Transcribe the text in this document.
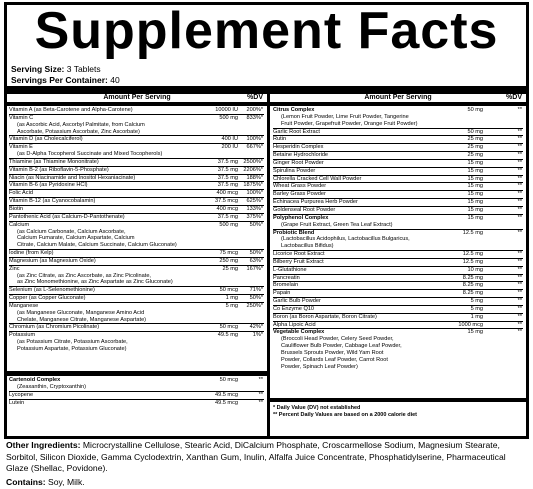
Supplement Facts
Serving Size: 3 Tablets
Servings Per Container: 40
Amount Per Serving	%DV	Amount Per Serving	%DV
Vitamin A (as Beta-Carotene and Alpha-Carotene)	10000 IU 200%*
Vitamin C	500 mg 833%*
(as Ascorbic Acid, Ascorbyl Palmitate, from Calcium
Ascorbate, Potassium Ascorbate, Zinc Ascorbate)
Vitamin D (as Cholecalciferol)	400 IU 100%*
Vitamin E	200 IU 667%*
(as D-Alpha Tocopherol Succinate and Mixed Tocopherols)
Thiamine (as Thiamine Mononitrate)	37.5 mg 2500%*
Vitamin B-2 (as Riboflavin-5-Phosphate)	37.5 mg 2206%*
Niacin (as Niacinamide and Inositol Hexaniacinate)	37.5 mg 188%*
Vitamin B-6 (as Pyridoxine HCl)	37.5 mg 1875%*
Folic Acid	400 mcg 100%*
Vitamin B-12 (as Cyanocobalamin)	37.5 mcg 625%*
Biotin	400 mcg 133%*
Pantothenic Acid (as Calcium-D-Pantothenate)	37.5 mg 375%*
Calcium	500 mg 50%*
(as Calcium Carbonate, Calcium Ascorbate,
Calcium Fumarate, Calcium Aspartate, Calcium
Citrate, Calcium Malate, Calcium Succinate, Calcium Gluconate)
Iodine (from Kelp)	75 mcg 50%*
Magnesium (as Magnesium Oxide)	250 mg 63%*
Zinc	25 mg 167%*
(as Zinc Citrate, as Zinc Ascorbate, as Zinc Picolinate,
as Zinc Monomethionine, as Zinc Aspartate as Zinc Gluconate)
Selenium (as L-Selenomethionine)	50 mcg 71%*
Copper (as Copper Gluconate)	1 mg 50%*
Manganese	5 mg 250%*
(as Manganese Gluconate, Manganese Amino Acid
Chelate, Manganese Citrate, Manganese Aspartate)
Chromium (as Chromium Picolinate)	50 mcg 42%*
Potassium	49.5 mg	1%*
(as Potassium Citrate, Potassium Ascorbate,
Potassium Aspartate, Potassium Gluconate)
Cartenoid Complex	50 mcg	**
(Zeaxanthin, Cryptoxanthin)
Lycopene	49.5 mcg	**
Lutein	49.5 mcg	**
Citrus Complex	50 mg	**
(Lemon Fruit Powder, Lime Fruit Powder, Tangerine
Fruit Powder, Grapefruit Powder, Orange Fruit Powder)
Garlic Root Extract	50 mg	**
Rutin	25 mg	**
Hesperidin Complex	25 mg	**
Betaine Hydrochloride	25 mg	**
Ginger Root Powder	15 mg	**
Spirulina Powder	15 mg	**
Chlorella Cracked Cell Wall Powder	15 mg	**
Wheat Grass Powder	15 mg	**
Barley Grass Powder	15 mg	**
Echinacea Purpurea Herb Powder	15 mg	**
Goldenseal Root Powder	15 mg	**
Polyphenol Complex	15 mg	**
(Grape Fruit Extract, Green Tea Leaf Extract)
Probiotic Blend	12.5 mg	**
(Lactobacillus Acidophilus, Lactobacillus Bulgaricus,
Lactobacillus Bifidus)
Licorice Root Extract	12.5 mg	**
Bilberry Fruit Extract	12.5 mg	**
L-Glutathione	10 mg	**
Pancreatin	8.25 mg	**
Bromelain	8.25 mg	**
Papain	8.25 mg	**
Garlic Bulb Powder	5 mg	**
Co Enzyme Q10	5 mg	**
Boron (as Boron Aspartate, Boron Citrate)	1 mg	**
Alpha Lipoic Acid	1000 mcg	**
Vegetable Complex	15 mg	**
(Broccoli Head Powder, Celery Seed Powder,
Cauliflower Bulb Powder, Cabbage Leaf Powder,
Brussels Sprouts Powder, Wild Yam Root
Powder, Collards Leaf Powder, Carrot Root
Powder, Spinach Leaf Powder)
* Daily Value (DV) not established
** Percent Daily Values are based on a 2000 calorie diet
Other Ingredients: Microcrystalline Cellulose, Stearic Acid, DiCalcium Phosphate, Croscarmellose Sodium, Magnesium Stearate, Sorbitol, Silicon Dioxide, Gamma Cyclodextrin, Xanthan Gum, Inulin, Alfalfa Juice Concentrate, Phosphatidylserine, Pharmaceutical Glaze (Shellac, Povidone).
Contains: Soy, Milk.
